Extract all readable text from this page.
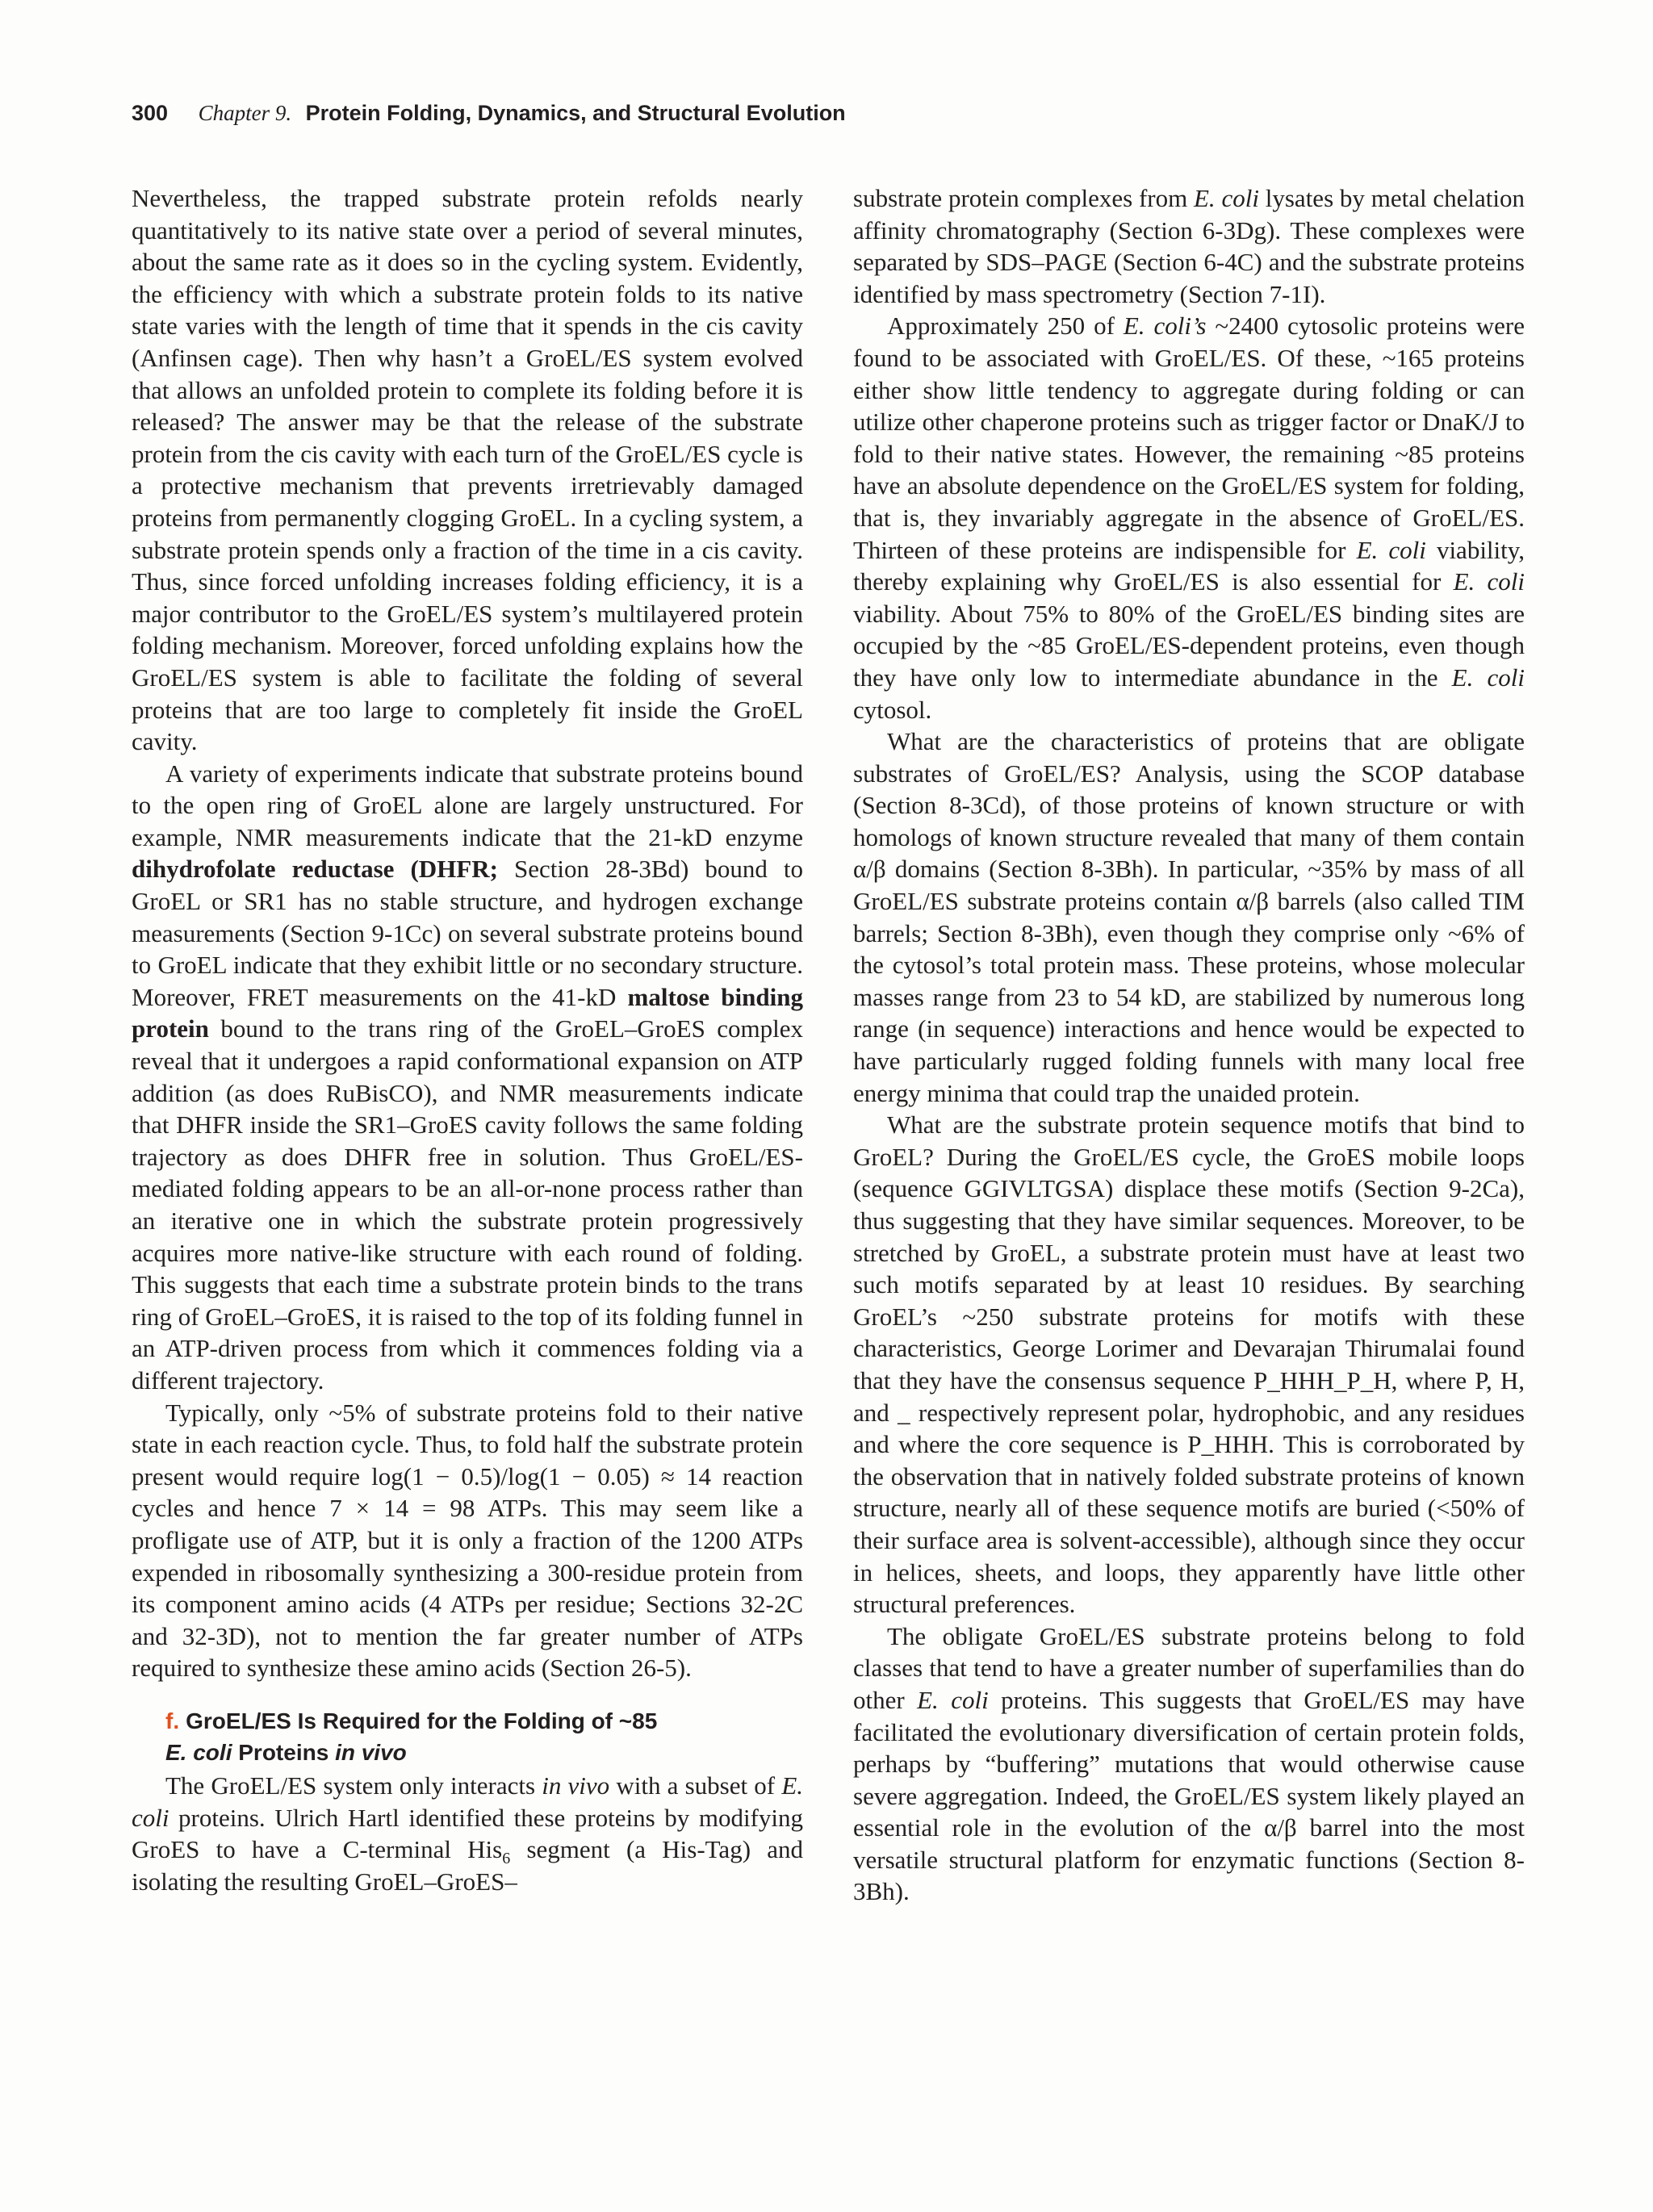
300 Chapter 9. Protein Folding, Dynamics, and Structural Evolution

Nevertheless, the trapped substrate protein refolds nearly quantitatively to its native state over a period of several minutes, about the same rate as it does so in the cycling system. Evidently, the efficiency with which a substrate protein folds to its native state varies with the length of time that it spends in the cis cavity (Anfinsen cage). Then why hasn’t a GroEL/ES system evolved that allows an unfolded protein to complete its folding before it is released? The answer may be that the release of the substrate protein from the cis cavity with each turn of the GroEL/ES cycle is a protective mechanism that prevents irretrievably damaged proteins from permanently clogging GroEL. In a cycling system, a substrate protein spends only a fraction of the time in a cis cavity. Thus, since forced unfolding increases folding efficiency, it is a major contributor to the GroEL/ES system’s multilayered protein folding mechanism. Moreover, forced unfolding explains how the GroEL/ES system is able to facilitate the folding of several proteins that are too large to completely fit inside the GroEL cavity.

A variety of experiments indicate that substrate proteins bound to the open ring of GroEL alone are largely unstructured. For example, NMR measurements indicate that the 21-kD enzyme dihydrofolate reductase (DHFR; Section 28-3Bd) bound to GroEL or SR1 has no stable structure, and hydrogen exchange measurements (Section 9-1Cc) on several substrate proteins bound to GroEL indicate that they exhibit little or no secondary structure. Moreover, FRET measurements on the 41-kD maltose binding protein bound to the trans ring of the GroEL–GroES complex reveal that it undergoes a rapid conformational expansion on ATP addition (as does RuBisCO), and NMR measurements indicate that DHFR inside the SR1–GroES cavity follows the same folding trajectory as does DHFR free in solution. Thus GroEL/ES-mediated folding appears to be an all-or-none process rather than an iterative one in which the substrate protein progressively acquires more native-like structure with each round of folding. This suggests that each time a substrate protein binds to the trans ring of GroEL–GroES, it is raised to the top of its folding funnel in an ATP-driven process from which it commences folding via a different trajectory.

Typically, only ~5% of substrate proteins fold to their native state in each reaction cycle. Thus, to fold half the substrate protein present would require log(1 − 0.5)/log(1 − 0.05) ≈ 14 reaction cycles and hence 7 × 14 = 98 ATPs. This may seem like a profligate use of ATP, but it is only a fraction of the 1200 ATPs expended in ribosomally synthesizing a 300-residue protein from its component amino acids (4 ATPs per residue; Sections 32-2C and 32-3D), not to mention the far greater number of ATPs required to synthesize these amino acids (Section 26-5).

f. GroEL/ES Is Required for the Folding of ~85
E. coli Proteins in vivo

The GroEL/ES system only interacts in vivo with a subset of E. coli proteins. Ulrich Hartl identified these proteins by modifying GroES to have a C-terminal His$_6$ segment (a His-Tag) and isolating the resulting GroEL–GroES–

substrate protein complexes from E. coli lysates by metal chelation affinity chromatography (Section 6-3Dg). These complexes were separated by SDS–PAGE (Section 6-4C) and the substrate proteins identified by mass spectrometry (Section 7-1I).

Approximately 250 of E. coli’s ~2400 cytosolic proteins were found to be associated with GroEL/ES. Of these, ~165 proteins either show little tendency to aggregate during folding or can utilize other chaperone proteins such as trigger factor or DnaK/J to fold to their native states. However, the remaining ~85 proteins have an absolute dependence on the GroEL/ES system for folding, that is, they invariably aggregate in the absence of GroEL/ES. Thirteen of these proteins are indispensible for E. coli viability, thereby explaining why GroEL/ES is also essential for E. coli viability. About 75% to 80% of the GroEL/ES binding sites are occupied by the ~85 GroEL/ES-dependent proteins, even though they have only low to intermediate abundance in the E. coli cytosol.

What are the characteristics of proteins that are obligate substrates of GroEL/ES? Analysis, using the SCOP database (Section 8-3Cd), of those proteins of known structure or with homologs of known structure revealed that many of them contain α/β domains (Section 8-3Bh). In particular, ~35% by mass of all GroEL/ES substrate proteins contain α/β barrels (also called TIM barrels; Section 8-3Bh), even though they comprise only ~6% of the cytosol’s total protein mass. These proteins, whose molecular masses range from 23 to 54 kD, are stabilized by numerous long range (in sequence) interactions and hence would be expected to have particularly rugged folding funnels with many local free energy minima that could trap the unaided protein.

What are the substrate protein sequence motifs that bind to GroEL? During the GroEL/ES cycle, the GroES mobile loops (sequence GGIVLTGSA) displace these motifs (Section 9-2Ca), thus suggesting that they have similar sequences. Moreover, to be stretched by GroEL, a substrate protein must have at least two such motifs separated by at least 10 residues. By searching GroEL’s ~250 substrate proteins for motifs with these characteristics, George Lorimer and Devarajan Thirumalai found that they have the consensus sequence P_HHH_P_H, where P, H, and _ respectively represent polar, hydrophobic, and any residues and where the core sequence is P_HHH. This is corroborated by the observation that in natively folded substrate proteins of known structure, nearly all of these sequence motifs are buried (<50% of their surface area is solvent-accessible), although since they occur in helices, sheets, and loops, they apparently have little other structural preferences.

The obligate GroEL/ES substrate proteins belong to fold classes that tend to have a greater number of superfamilies than do other E. coli proteins. This suggests that GroEL/ES may have facilitated the evolutionary diversification of certain protein folds, perhaps by “buffering” mutations that would otherwise cause severe aggregation. Indeed, the GroEL/ES system likely played an essential role in the evolution of the α/β barrel into the most versatile structural platform for enzymatic functions (Section 8-3Bh).
